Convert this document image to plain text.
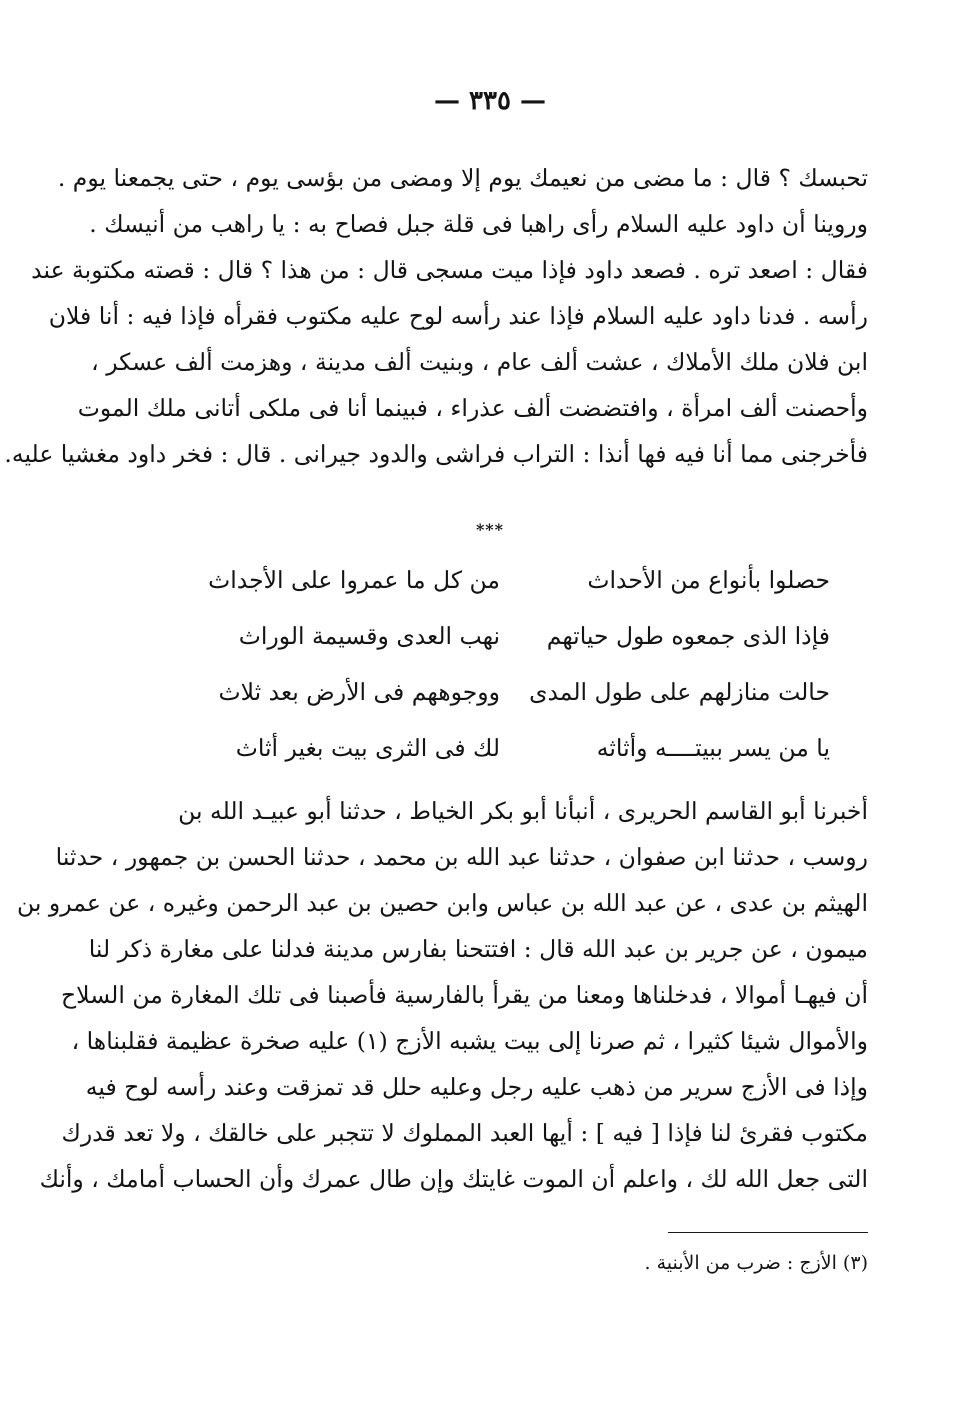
— ٣٣٥ —
تحبسك ؟ قال : ما مضى من نعيمك يوم إلا ومضى من بؤسى يوم ، حتى يجمعنا يوم .
وروينا أن داود عليه السلام رأى راهبا فى قلة جبل فصاح به : يا راهب من أنيسك .
فقال : اصعد تره . فصعد داود فإذا ميت مسجى قال : من هذا ؟ قال : قصته مكتوبة عند
رأسه . فدنا داود عليه السلام فإذا عند رأسه لوح عليه مكتوب فقرأه فإذا فيه : أنا فلان
ابن فلان ملك الأملاك ، عشت ألف عام ، وبنيت ألف مدينة ، وهزمت ألف عسكر ،
وأحصنت ألف امرأة ، وافتضضت ألف عذراء ، فبينما أنا فى ملكى أتانى ملك الموت
فأخرجنى مما أنا فيه فها أنذا : التراب فراشى والدود جيرانى . قال : فخر داود مغشيا عليه.
***
حصلوا بأنواع من الأحداث
من كل ما عمروا على الأجداث
فإذا الذى جمعوه طول حياتهم
نهب العدى وقسيمة الوراث
حالت منازلهم على طول المدى
ووجوههم فى الأرض بعد ثلاث
يا من يسر ببيتــــه وأثاثه
لك فى الثرى بيت بغير أثاث
أخبرنا أبو القاسم الحريرى ، أنبأنا أبو بكر الخياط ، حدثنا أبو عبيـد الله بن
روسب ، حدثنا ابن صفوان ، حدثنا عبد الله بن محمد ، حدثنا الحسن بن جمهور ، حدثنا
الهيثم بن عدى ، عن عبد الله بن عباس وابن حصين بن عبد الرحمن وغيره ، عن عمرو بن
ميمون ، عن جرير بن عبد الله قال : افتتحنا بفارس مدينة فدلنا على مغارة ذكر لنا
أن فيهـا أموالا ، فدخلناها ومعنا من يقرأ بالفارسية فأصبنا فى تلك المغارة من السلاح
والأموال شيئا كثيرا ، ثم صرنا إلى بيت يشبه الأزج (١) عليه صخرة عظيمة فقلبناها ،
وإذا فى الأزج سرير من ذهب عليه رجل وعليه حلل قد تمزقت وعند رأسه لوح فيه
مكتوب فقرئ لنا فإذا [ فيه ] : أيها العبد المملوك لا تتجبر على خالقك ، ولا تعد قدرك
التى جعل الله لك ، واعلم أن الموت غايتك وإن طال عمرك وأن الحساب أمامك ، وأنك
(٣) الأزج : ضرب من الأبنية .
